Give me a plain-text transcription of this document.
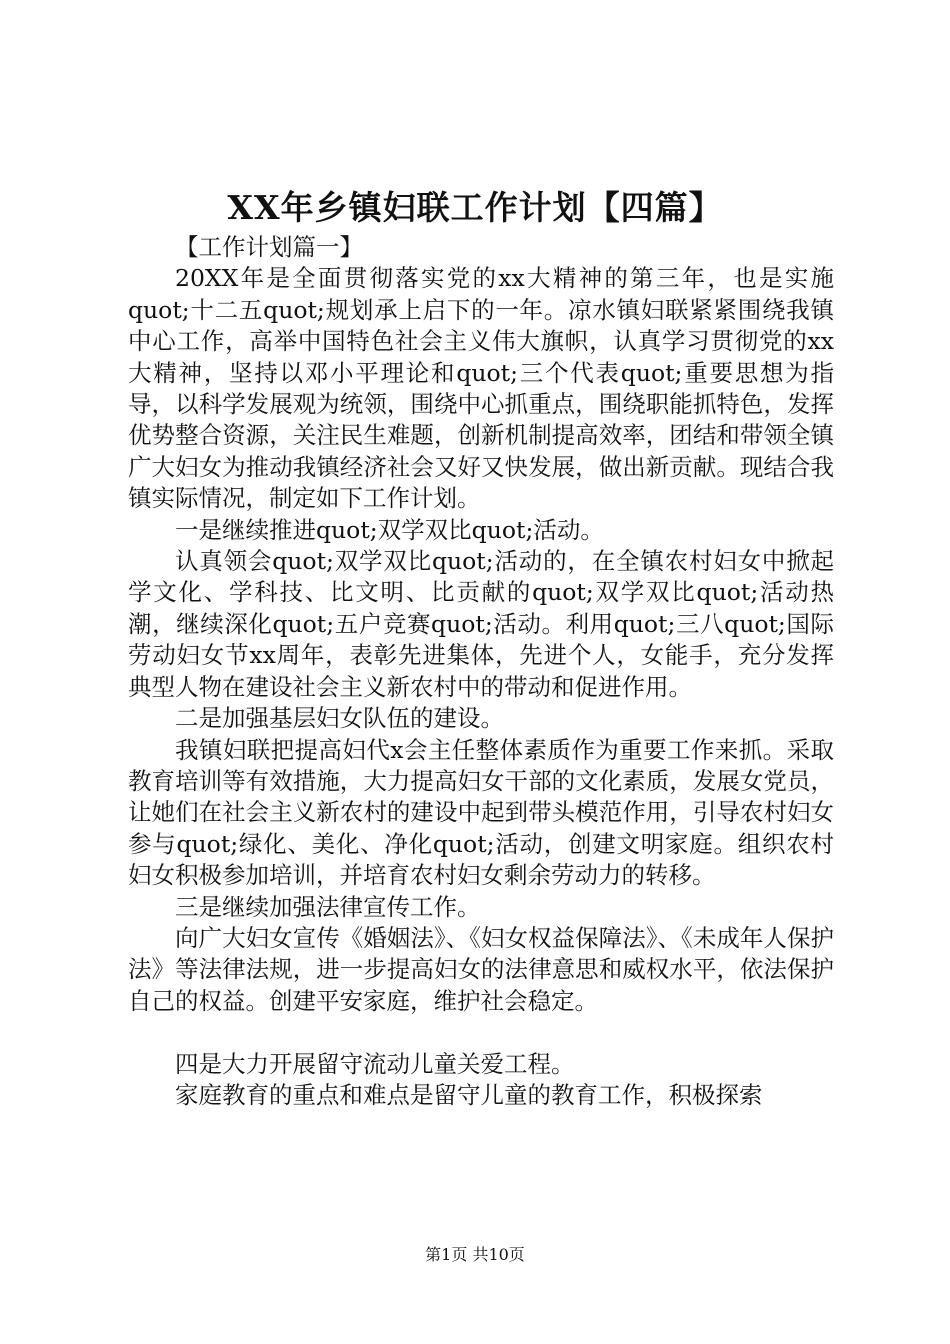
XX年乡镇妇联工作计划【四篇】

【工作计划篇一】

20XX年是全面贯彻落实党的xx大精神的第三年，也是实施quot;十二五quot;规划承上启下的一年。凉水镇妇联紧紧围绕我镇中心工作，高举中国特色社会主义伟大旗帜，认真学习贯彻党的xx大精神，坚持以邓小平理论和quot;三个代表quot;重要思想为指导，以科学发展观为统领，围绕中心抓重点，围绕职能抓特色，发挥优势整合资源，关注民生难题，创新机制提高效率，团结和带领全镇广大妇女为推动我镇经济社会又好又快发展，做出新贡献。现结合我镇实际情况，制定如下工作计划。

一是继续推进quot;双学双比quot;活动。

认真领会quot;双学双比quot;活动的，在全镇农村妇女中掀起学文化、学科技、比文明、比贡献的quot;双学双比quot;活动热潮，继续深化quot;五户竞赛quot;活动。利用quot;三八quot;国际劳动妇女节xx周年，表彰先进集体，先进个人，女能手，充分发挥典型人物在建设社会主义新农村中的带动和促进作用。

二是加强基层妇女队伍的建设。

我镇妇联把提高妇代x会主任整体素质作为重要工作来抓。采取教育培训等有效措施，大力提高妇女干部的文化素质，发展女党员，让她们在社会主义新农村的建设中起到带头模范作用，引导农村妇女参与quot;绿化、美化、净化quot;活动，创建文明家庭。组织农村妇女积极参加培训，并培育农村妇女剩余劳动力的转移。

三是继续加强法律宣传工作。

向广大妇女宣传《婚姻法》、《妇女权益保障法》、《未成年人保护法》等法律法规，进一步提高妇女的法律意思和威权水平，依法保护自己的权益。创建平安家庭，维护社会稳定。

四是大力开展留守流动儿童关爱工程。

家庭教育的重点和难点是留守儿童的教育工作，积极探索

第1页 共10页
